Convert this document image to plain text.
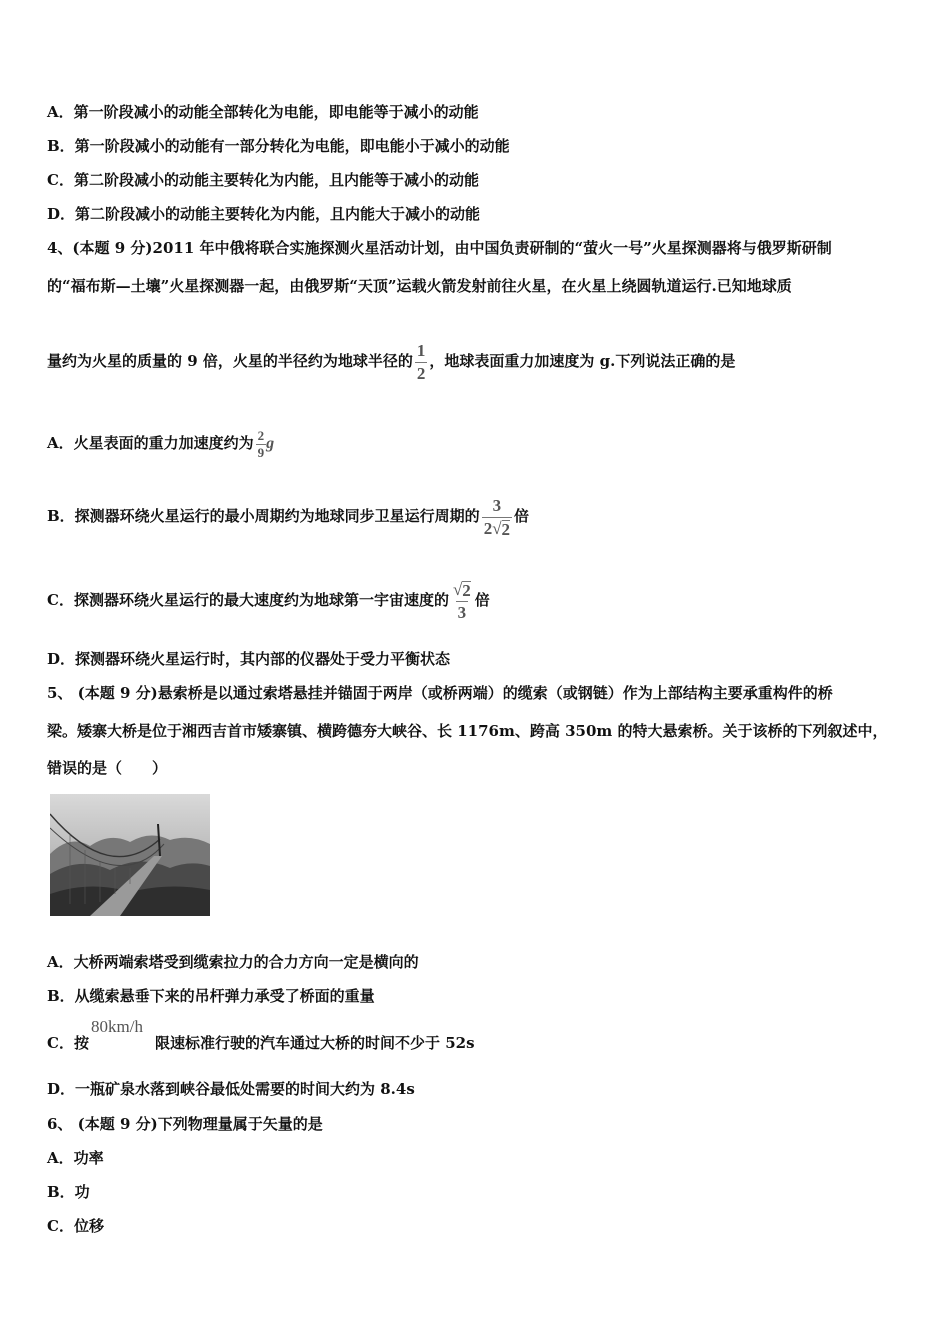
A．第一阶段减小的动能全部转化为电能，即电能等于减小的动能
B．第一阶段减小的动能有一部分转化为电能，即电能小于减小的动能
C．第二阶段减小的动能主要转化为内能，且内能等于减小的动能
D．第二阶段减小的动能主要转化为内能，且内能大于减小的动能
4、(本题 9 分)2011 年中俄将联合实施探测火星活动计划，由中国负责研制的“萤火一号”火星探测器将与俄罗斯研制
的“福布斯—土壤”火星探测器一起，由俄罗斯“天顶”运载火箭发射前往火星，在火星上绕圆轨道运行.已知地球质
量约为火星的质量的 9 倍，火星的半径约为地球半径的 $\frac{1}{2}$ ，地球表面重力加速度为 g.下列说法正确的是
A．火星表面的重力加速度约为 $\frac{2}{9}$ g
B．探测器环绕火星运行的最小周期约为地球同步卫星运行周期的 $\frac{3}{2 √ 2}$ 倍
C．探测器环绕火星运行的最大速度约为地球第一宇宙速度的 $\frac{√ 2}{3}$ 倍
D．探测器环绕火星运行时，其内部的仪器处于受力平衡状态
5、 (本题 9 分)悬索桥是以通过索塔悬挂并锚固于两岸（或桥两端）的缆索（或钢链）作为上部结构主要承重构件的桥
梁。矮寨大桥是位于湘西吉首市矮寨镇、横跨德夯大峡谷、长 1176m、跨高 350m 的特大悬索桥。关于该桥的下列叙述中，
错误的是（　　）
A．大桥两端索塔受到缆索拉力的合力方向一定是横向的
B．从缆索悬垂下来的吊杆弹力承受了桥面的重量
C．按
80km/h
限速标准行驶的汽车通过大桥的时间不少于 52s
D．一瓶矿泉水落到峡谷最低处需要的时间大约为 8.4s
6、 (本题 9 分)下列物理量属于矢量的是
A．功率
B．功
C．位移
